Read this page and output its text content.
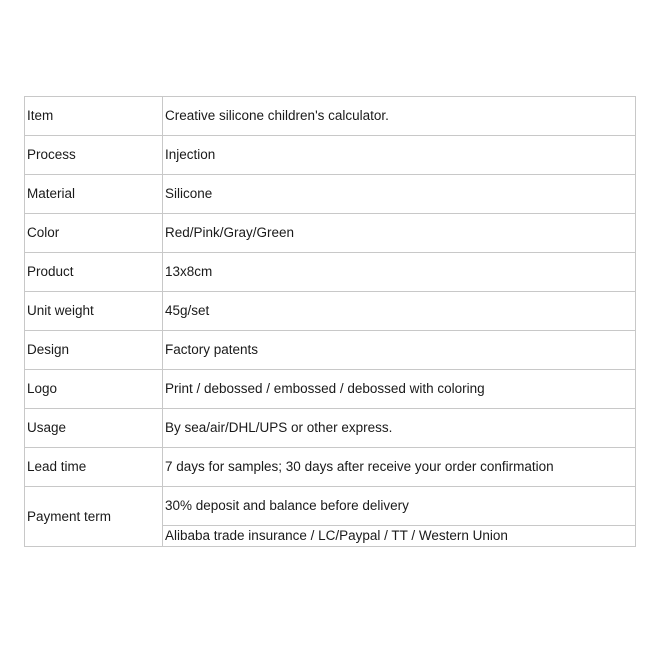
Item	Creative silicone children's calculator.
Process	Injection
Material	Silicone
Color	Red/Pink/Gray/Green
Product	13x8cm
Unit weight	45g/set
Design	Factory patents
Logo	Print / debossed / embossed / debossed with coloring
Usage	By sea/air/DHL/UPS or other express.
Lead time	7 days for samples; 30 days after receive your order confirmation
Payment term	30% deposit and balance before delivery
	Alibaba trade insurance / LC/Paypal / TT / Western Union
